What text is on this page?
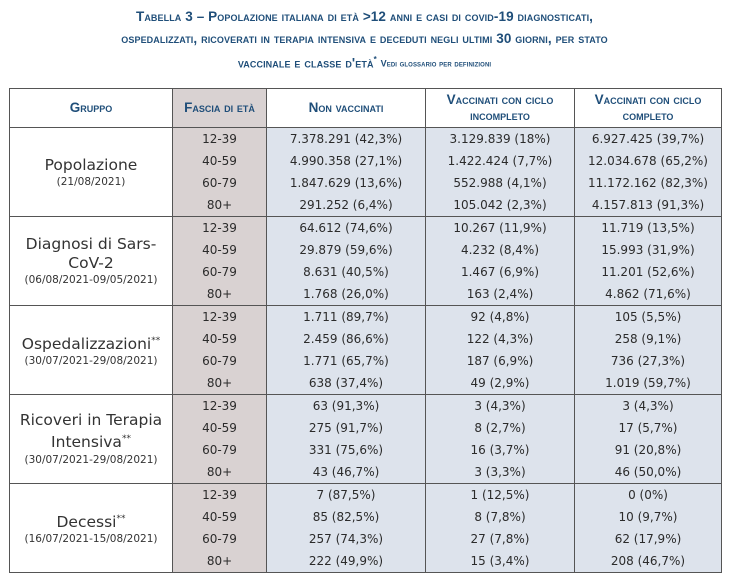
Tabella 3 – Popolazione italiana di età >12 anni e casi di covid-19 diagnosticati,
ospedalizzati, ricoverati in terapia intensiva e deceduti negli ultimi 30 giorni, per stato
vaccinale e classe d'età* Vedi glossario per definizioni
Gruppo	Fascia di età	Non vaccinati	Vaccinati con ciclo incompleto	Vaccinati con ciclo completo

Popolazione
(21/08/2021)	12-39	7.378.291 (42,3%)	3.129.839 (18%)	6.927.425 (39,7%)
	40-59	4.990.358 (27,1%)	1.422.424 (7,7%)	12.034.678 (65,2%)
	60-79	1.847.629 (13,6%)	552.988 (4,1%)	11.172.162 (82,3%)
	80+	291.252 (6,4%)	105.042 (2,3%)	4.157.813 (91,3%)

Diagnosi di Sars-CoV-2
(06/08/2021-09/05/2021)	12-39	64.612 (74,6%)	10.267 (11,9%)	11.719 (13,5%)
	40-59	29.879 (59,6%)	4.232 (8,4%)	15.993 (31,9%)
	60-79	8.631 (40,5%)	1.467 (6,9%)	11.201 (52,6%)
	80+	1.768 (26,0%)	163 (2,4%)	4.862 (71,6%)

Ospedalizzazioni**
(30/07/2021-29/08/2021)	12-39	1.711 (89,7%)	92 (4,8%)	105 (5,5%)
	40-59	2.459 (86,6%)	122 (4,3%)	258 (9,1%)
	60-79	1.771 (65,7%)	187 (6,9%)	736 (27,3%)
	80+	638 (37,4%)	49 (2,9%)	1.019 (59,7%)

Ricoveri in Terapia Intensiva**
(30/07/2021-29/08/2021)	12-39	63 (91,3%)	3 (4,3%)	3 (4,3%)
	40-59	275 (91,7%)	8 (2,7%)	17 (5,7%)
	60-79	331 (75,6%)	16 (3,7%)	91 (20,8%)
	80+	43 (46,7%)	3 (3,3%)	46 (50,0%)

Decessi**
(16/07/2021-15/08/2021)	12-39	7 (87,5%)	1 (12,5%)	0 (0%)
	40-59	85 (82,5%)	8 (7,8%)	10 (9,7%)
	60-79	257 (74,3%)	27 (7,8%)	62 (17,9%)
	80+	222 (49,9%)	15 (3,4%)	208 (46,7%)
